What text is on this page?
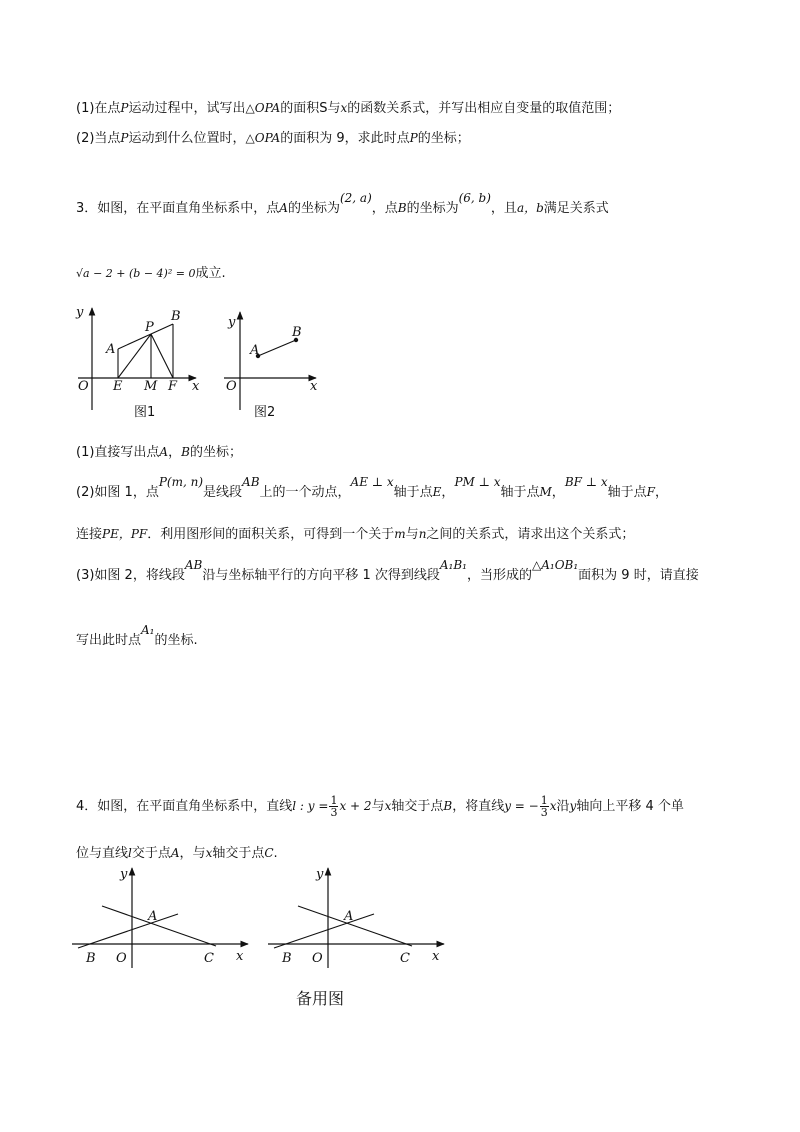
(1)在点P运动过程中，试写出△OPA的面积S与x的函数关系式，并写出相应自变量的取值范围；
(2)当点P运动到什么位置时，△OPA的面积为 9，求此时点P的坐标；
3．如图，在平面直角坐标系中，点A的坐标为(2, a)，点B的坐标为(6, b)，且a，b满足关系式
√a − 2 + (b − 4)² = 0成立.
y
x
O E M F
A
P
B
图1
y
x
O
A
B
图2
(1)直接写出点A，B的坐标；
(2)如图 1，点P(m, n)是线段AB上的一个动点，AE ⊥ x轴于点E，PM ⊥ x轴于点M，BF ⊥ x轴于点F，
连接PE，PF．利用图形间的面积关系，可得到一个关于m与n之间的关系式，请求出这个关系式；
(3)如图 2，将线段AB沿与坐标轴平行的方向平移 1 次得到线段A₁B₁，当形成的△A₁OB₁面积为 9 时，请直接
写出此时点A₁的坐标.
4．如图，在平面直角坐标系中，直线l : $y = \frac{1}{3}$ x + 2与x轴交于点B，将直线y = − $\frac{1}{3}$ x沿y轴向上平移 4 个单
位与直线l交于点A，与x轴交于点C.
y
x
O
A
B	C
y
x
O
A
B	C
备用图
